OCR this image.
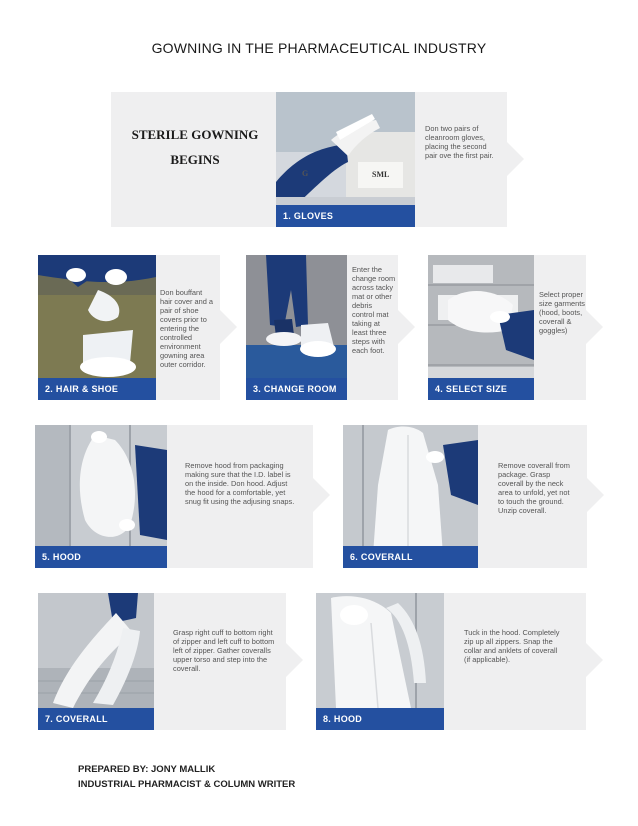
GOWNING IN THE PHARMACEUTICAL INDUSTRY
STERILE GOWNING
BEGINS
SML
G
1. GLOVES
Don two pairs of cleanroom gloves, placing the second pair ove the first pair.
2. HAIR & SHOE COVERS
Don bouffant hair cover and a pair of shoe covers prior to entering the controlled environment gowning area outer corridor.
3. CHANGE ROOM
Enter the change room across tacky mat or other debris control mat taking at least three steps with each foot.
4. SELECT SIZE
Select proper size garments (hood, boots, coverall & goggles)
5. HOOD
Remove hood from packaging making sure that the I.D. label is on the inside. Don hood. Adjust the hood for a comfortable, yet snug fit using the adjusing snaps.
6. COVERALL
Remove coverall from package. Grasp coverall by the neck area to unfold, yet not to touch the ground. Unzip coverall.
7. COVERALL
Grasp right cuff to bottom right of zipper and left cuff to bottom left of zipper. Gather coveralls upper torso and step into the coverall.
8. HOOD
Tuck in the hood. Completely zip up all zippers. Snap the collar and anklets of coverall (if applicable).
PREPARED BY: JONY MALLIK
INDUSTRIAL PHARMACIST & COLUMN WRITER
